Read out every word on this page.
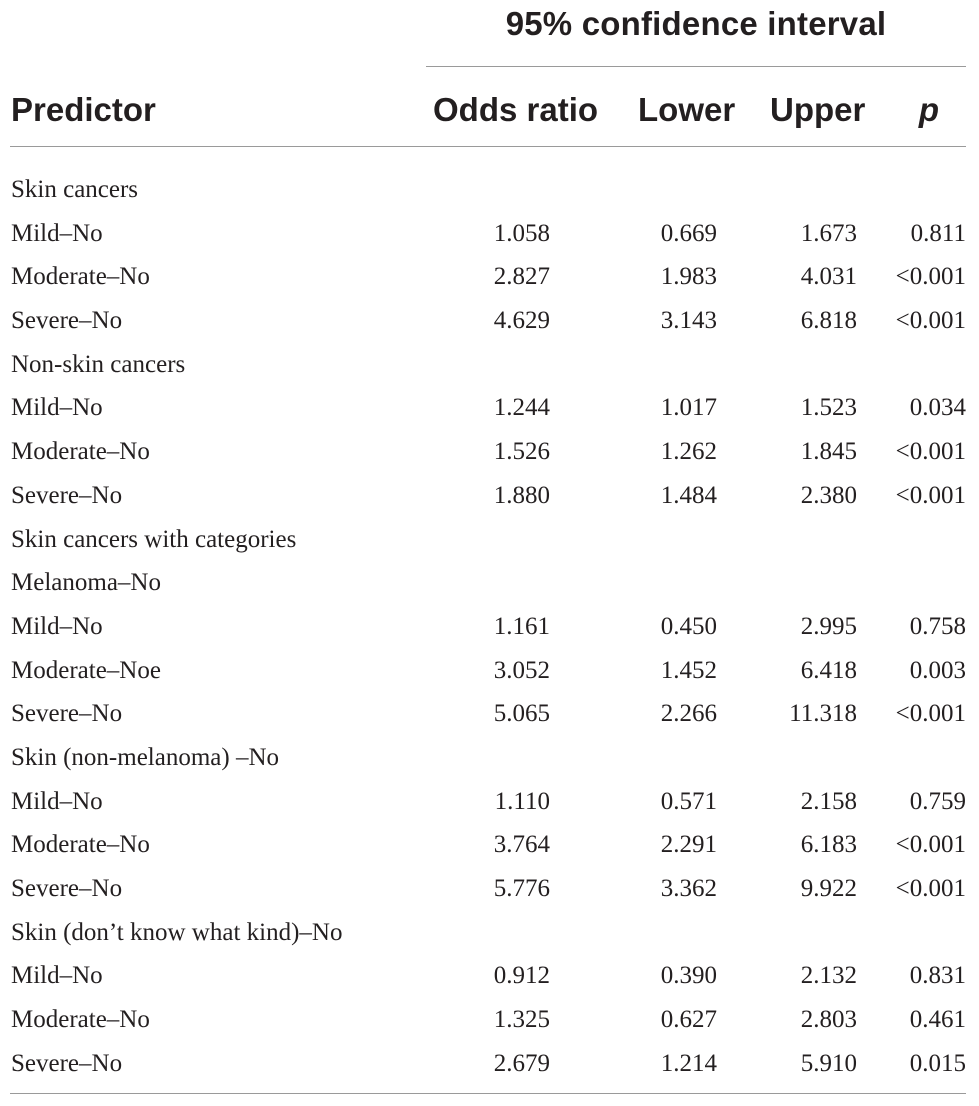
95% confidence interval
Predictor	Odds ratio Lower Upper p
Skin cancers
Mild–No	1.058	0.669	1.673 0.811
Moderate–No	2.827	1.983	4.031 <0.001
Severe–No	4.629	3.143	6.818 <0.001
Non-skin cancers
Mild–No	1.244	1.017	1.523 0.034
Moderate–No	1.526	1.262	1.845 <0.001
Severe–No	1.880	1.484	2.380 <0.001
Skin cancers with categories
Melanoma–No
Mild–No	1.161	0.450	2.995 0.758
Moderate–Noe	3.052	1.452	6.418 0.003
Severe–No	5.065	2.266	11.318 <0.001
Skin (non-melanoma) –No
Mild–No	1.110	0.571	2.158 0.759
Moderate–No	3.764	2.291	6.183 <0.001
Severe–No	5.776	3.362	9.922 <0.001
Skin (don’t know what kind)–No
Mild–No	0.912	0.390	2.132 0.831
Moderate–No	1.325	0.627	2.803 0.461
Severe–No	2.679	1.214	5.910 0.015
